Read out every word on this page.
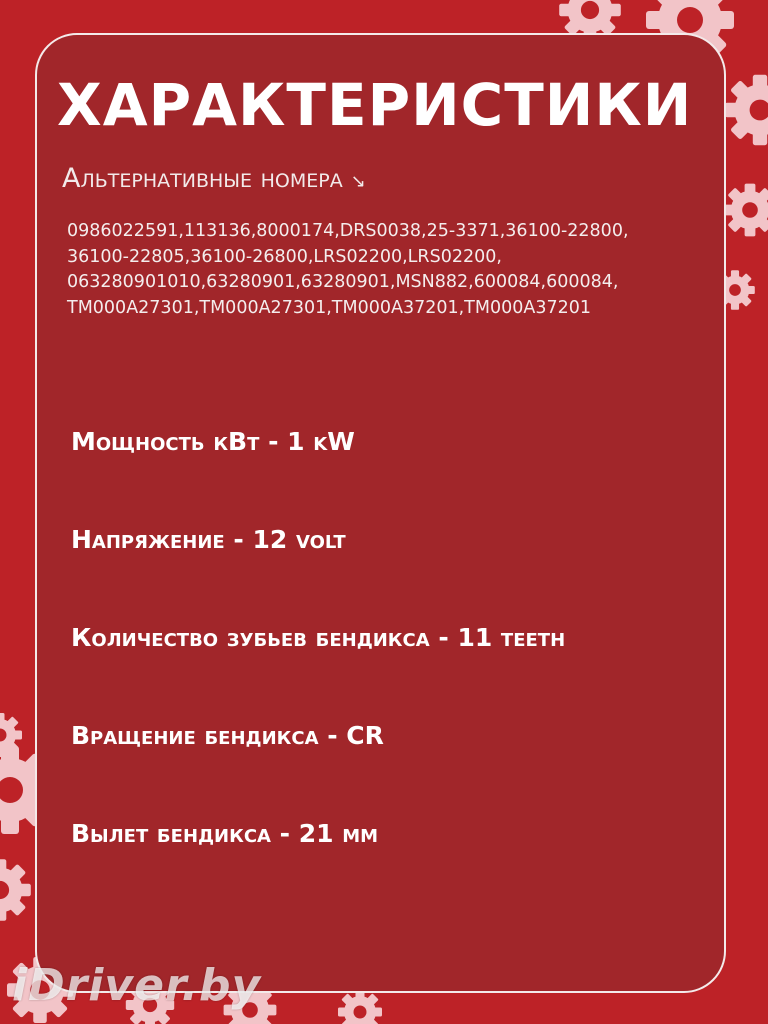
ХАРАКТЕРИСТИКИ
Альтернативные номера ↘
0986022591,113136,8000174,DRS0038,25-3371,36100-22800,
36100-22805,36100-26800,LRS02200,LRS02200,
063280901010,63280901,63280901,MSN882,600084,600084,
TM000A27301,TM000A27301,TM000A37201,TM000A37201
Мощность кВт - 1 kW
Напряжение - 12 volt
Количество зубьев бендикса - 11 teeth
Вращение бендикса - CR
Вылет бендикса - 21 мм
iDriver.by
